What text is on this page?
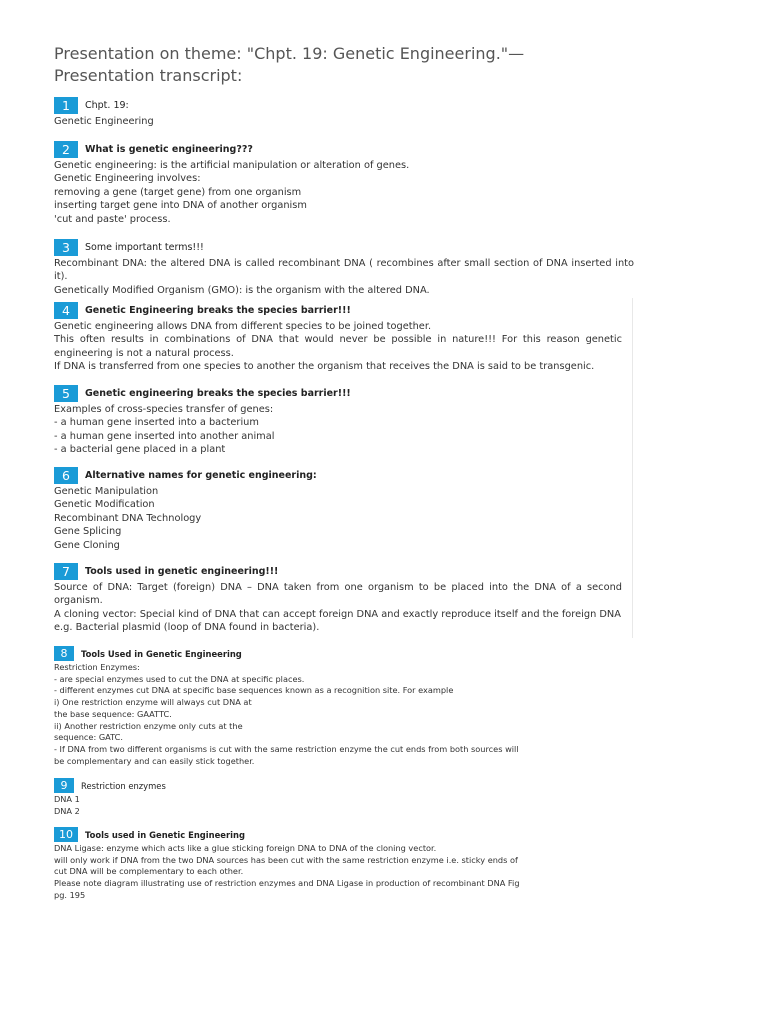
Presentation on theme: "Chpt. 19: Genetic Engineering."— Presentation transcript:
1	Chpt. 19:

Genetic Engineering

2	What is genetic engineering???

Genetic engineering: is the artificial manipulation or alteration of genes.

Genetic Engineering involves:

removing a gene (target gene) from one organism

inserting target gene into DNA of another organism

'cut and paste' process.

3	Some important terms!!!

Recombinant DNA: the altered DNA is called recombinant DNA ( recombines after small section of DNA inserted into it).

Genetically Modified Organism (GMO): is the organism with the altered DNA.

4	Genetic Engineering breaks the species barrier!!!

Genetic engineering allows DNA from different species to be joined together.

This often results in combinations of DNA that would never be possible in nature!!! For this reason genetic engineering is not a natural process.

If DNA is transferred from one species to another the organism that receives the DNA is said to be transgenic.

5	Genetic engineering breaks the species barrier!!!

Examples of cross-species transfer of genes:

- a human gene inserted into a bacterium

- a human gene inserted into another animal

- a bacterial gene placed in a plant

6	Alternative names for genetic engineering:

Genetic Manipulation

Genetic Modification

Recombinant DNA Technology

Gene Splicing

Gene Cloning

7	Tools used in genetic engineering!!!

Source of DNA: Target (foreign) DNA – DNA taken from one organism to be placed into the DNA of a second organism.

A cloning vector: Special kind of DNA that can accept foreign DNA and exactly reproduce itself and the foreign DNA e.g. Bacterial plasmid (loop of DNA found in bacteria).

8	Tools Used in Genetic Engineering

Restriction Enzymes:

- are special enzymes used to cut the DNA at specific places.

- different enzymes cut DNA at specific base sequences known as a recognition site. For example

i) One restriction enzyme will always cut DNA at

the base sequence: GAATTC.

ii) Another restriction enzyme only cuts at the

sequence: GATC.

- If DNA from two different organisms is cut with the same restriction enzyme the cut ends from both sources will

be complementary and can easily stick together.

9	Restriction enzymes

DNA 1

DNA 2

10	Tools used in Genetic Engineering

DNA Ligase: enzyme which acts like a glue sticking foreign DNA to DNA of the cloning vector.

will only work if DNA from the two DNA sources has been cut with the same restriction enzyme i.e. sticky ends of

cut DNA will be complementary to each other.

Please note diagram illustrating use of restriction enzymes and DNA Ligase in production of recombinant DNA Fig

pg. 195
